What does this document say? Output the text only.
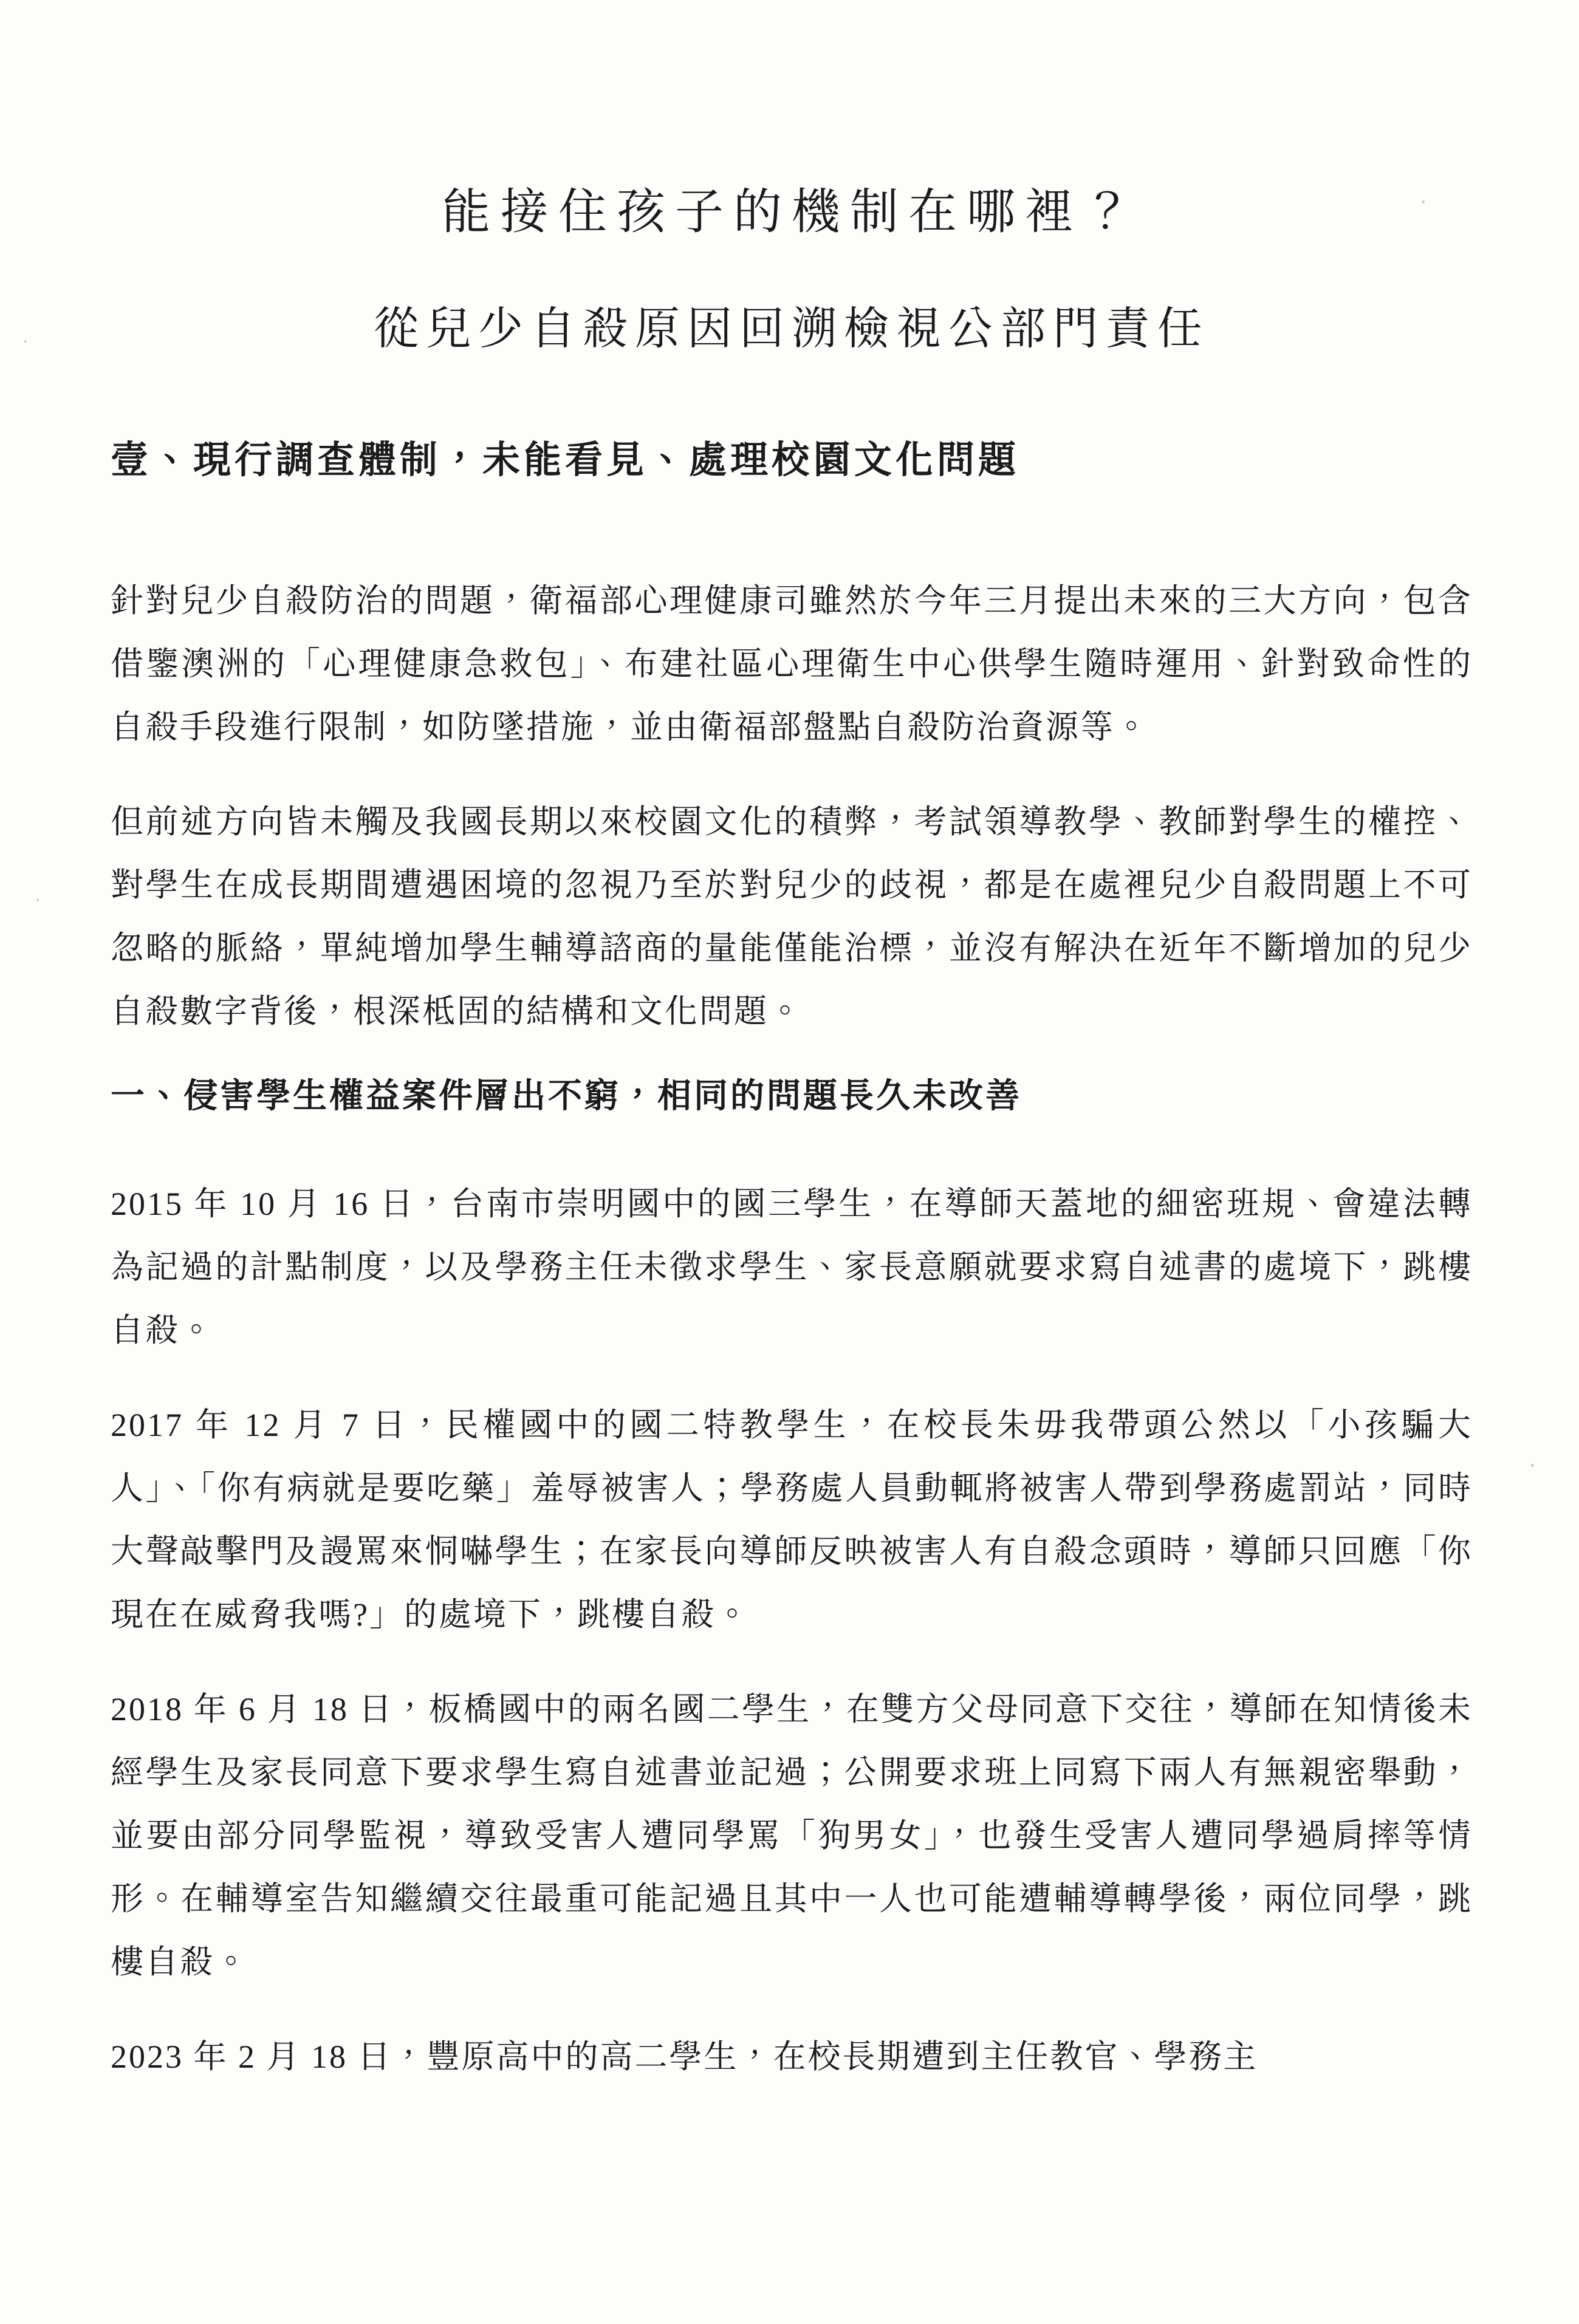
能接住孩子的機制在哪裡？
從兒少自殺原因回溯檢視公部門責任
壹、現行調查體制，未能看見、處理校園文化問題

針對兒少自殺防治的問題，衛福部心理健康司雖然於今年三月提出未來的三大方向，包含借鑒澳洲的「心理健康急救包」、布建社區心理衛生中心供學生隨時運用、針對致命性的自殺手段進行限制，如防墜措施，並由衛福部盤點自殺防治資源等。

但前述方向皆未觸及我國長期以來校園文化的積弊，考試領導教學、教師對學生的權控、對學生在成長期間遭遇困境的忽視乃至於對兒少的歧視，都是在處裡兒少自殺問題上不可忽略的脈絡，單純增加學生輔導諮商的量能僅能治標，並沒有解決在近年不斷增加的兒少自殺數字背後，根深柢固的結構和文化問題。

一、侵害學生權益案件層出不窮，相同的問題長久未改善

2015 年 10 月 16 日，台南市崇明國中的國三學生，在導師天蓋地的細密班規、會違法轉為記過的計點制度，以及學務主任未徵求學生、家長意願就要求寫自述書的處境下，跳樓自殺。

2017 年 12 月 7 日，民權國中的國二特教學生，在校長朱毋我帶頭公然以「小孩騙大人」、「你有病就是要吃藥」羞辱被害人；學務處人員動輒將被害人帶到學務處罰站，同時大聲敲擊門及謾罵來恫嚇學生；在家長向導師反映被害人有自殺念頭時，導師只回應「你現在在威脅我嗎?」的處境下，跳樓自殺。

2018 年 6 月 18 日，板橋國中的兩名國二學生，在雙方父母同意下交往，導師在知情後未經學生及家長同意下要求學生寫自述書並記過；公開要求班上同寫下兩人有無親密舉動，並要由部分同學監視，導致受害人遭同學罵「狗男女」，也發生受害人遭同學過肩摔等情形。在輔導室告知繼續交往最重可能記過且其中一人也可能遭輔導轉學後，兩位同學，跳樓自殺。

2023 年 2 月 18 日，豐原高中的高二學生，在校長期遭到主任教官、學務主
